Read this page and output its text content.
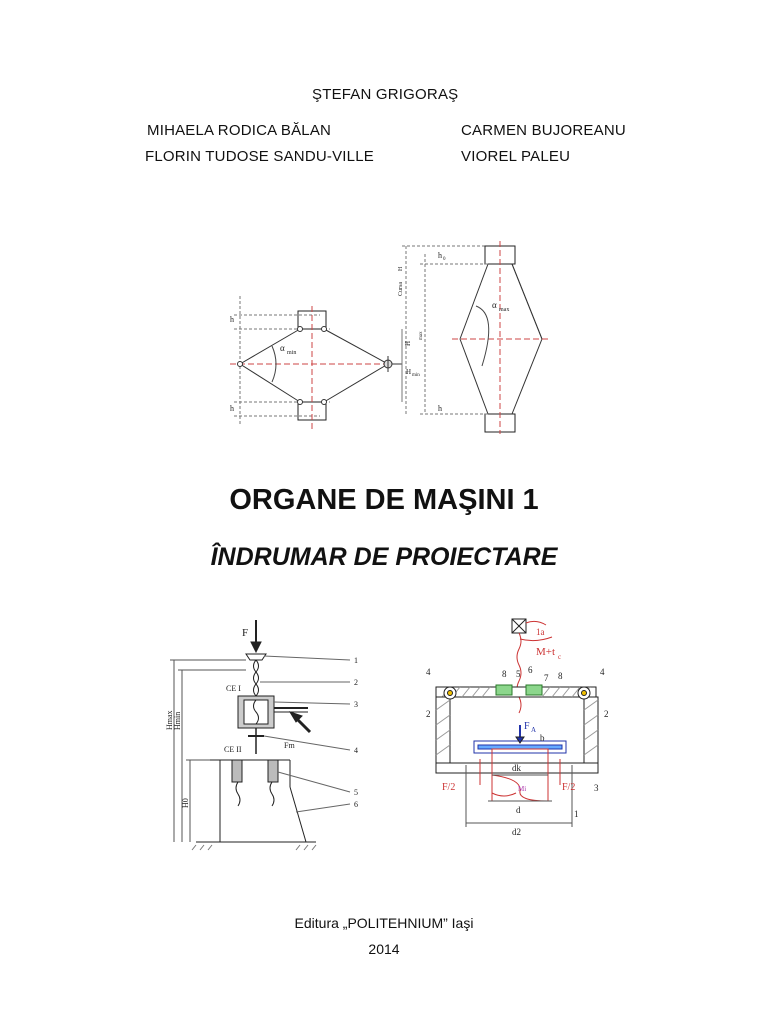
ŞTEFAN GRIGORAŞ
MIHAELA RODICA BĂLAN
FLORIN TUDOSE SANDU-VILLE
CARMEN BUJOREANU
VIOREL PALEU
h
h
α min
H min
H
max
Cursa
H
h 0
h
α max
ORGANE DE MAŞINI 1
ÎNDRUMAR DE PROIECTARE
F
CE I
CE II	Fm
Hmax Hmin
H0
1
2
3
4
5
6
1a
M+t c
6
7
8	8
5
4	4
2	2
F A
b
dk
F/2	F/2
Mi	3
d
d2
1
Editura „POLITEHNIUM” Iaşi
2014
